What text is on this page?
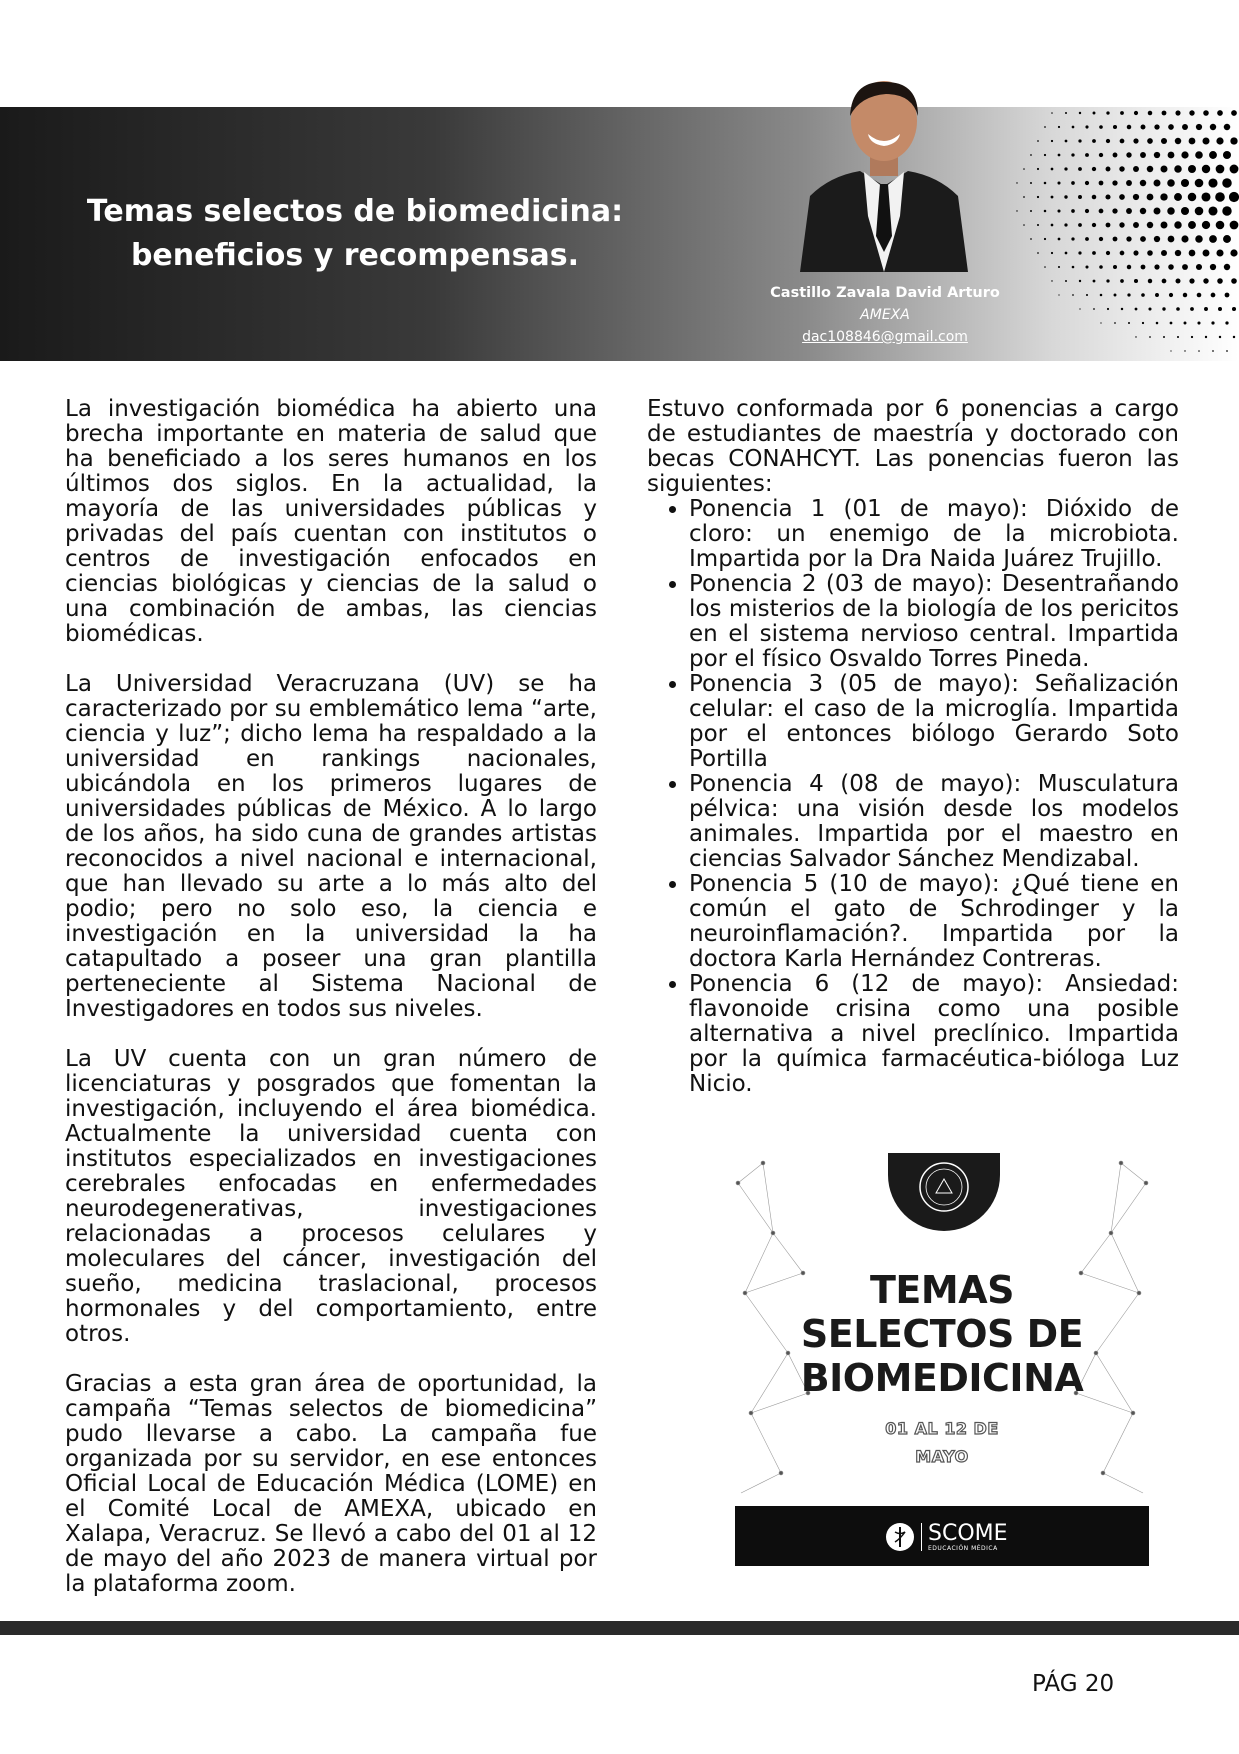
Temas selectos de biomedicina:
beneficios y recompensas.
Castillo Zavala David Arturo
AMEXA
dac108846@gmail.com

La investigación biomédica ha abierto una brecha importante en materia de salud que ha beneficiado a los seres humanos en los últimos dos siglos. En la actualidad, la mayoría de las universidades públicas y privadas del país cuentan con institutos o centros de investigación enfocados en ciencias biológicas y ciencias de la salud o una combinación de ambas, las ciencias biomédicas.

La Universidad Veracruzana (UV) se ha caracterizado por su emblemático lema “arte, ciencia y luz”; dicho lema ha respaldado a la universidad en rankings nacionales, ubicándola en los primeros lugares de universidades públicas de México. A lo largo de los años, ha sido cuna de grandes artistas reconocidos a nivel nacional e internacional, que han llevado su arte a lo más alto del podio; pero no solo eso, la ciencia e investigación en la universidad la ha catapultado a poseer una gran plantilla perteneciente al Sistema Nacional de Investigadores en todos sus niveles.

La UV cuenta con un gran número de licenciaturas y posgrados que fomentan la investigación, incluyendo el área biomédica. Actualmente la universidad cuenta con institutos especializados en investigaciones cerebrales enfocadas en enfermedades neurodegenerativas, investigaciones relacionadas a procesos celulares y moleculares del cáncer, investigación del sueño, medicina traslacional, procesos hormonales y del comportamiento, entre otros.

Gracias a esta gran área de oportunidad, la campaña “Temas selectos de biomedicina” pudo llevarse a cabo. La campaña fue organizada por su servidor, en ese entonces Oficial Local de Educación Médica (LOME) en el Comité Local de AMEXA, ubicado en Xalapa, Veracruz. Se llevó a cabo del 01 al 12 de mayo del año 2023 de manera virtual por la plataforma zoom.

Estuvo conformada por 6 ponencias a cargo de estudiantes de maestría y doctorado con becas CONAHCYT. Las ponencias fueron las siguientes:

• Ponencia 1 (01 de mayo): Dióxido de cloro: un enemigo de la microbiota. Impartida por la Dra Naida Juárez Trujillo.
• Ponencia 2 (03 de mayo): Desentrañando los misterios de la biología de los pericitos en el sistema nervioso central. Impartida por el físico Osvaldo Torres Pineda.
• Ponencia 3 (05 de mayo): Señalización celular: el caso de la microglía. Impartida por el entonces biólogo Gerardo Soto Portilla
• Ponencia 4 (08 de mayo): Musculatura pélvica: una visión desde los modelos animales. Impartida por el maestro en ciencias Salvador Sánchez Mendizabal.
• Ponencia 5 (10 de mayo): ¿Qué tiene en común el gato de Schrodinger y la neuroinflamación?. Impartida por la doctora Karla Hernández Contreras.
• Ponencia 6 (12 de mayo): Ansiedad: flavonoide crisina como una posible alternativa a nivel preclínico. Impartida por la química farmacéutica-bióloga Luz Nicio.
TEMAS
SELECTOS DE
BIOMEDICINA
01 AL 12 DE
MAYO
SCOME
EDUCACIÓN MÉDICA
PÁG 20
